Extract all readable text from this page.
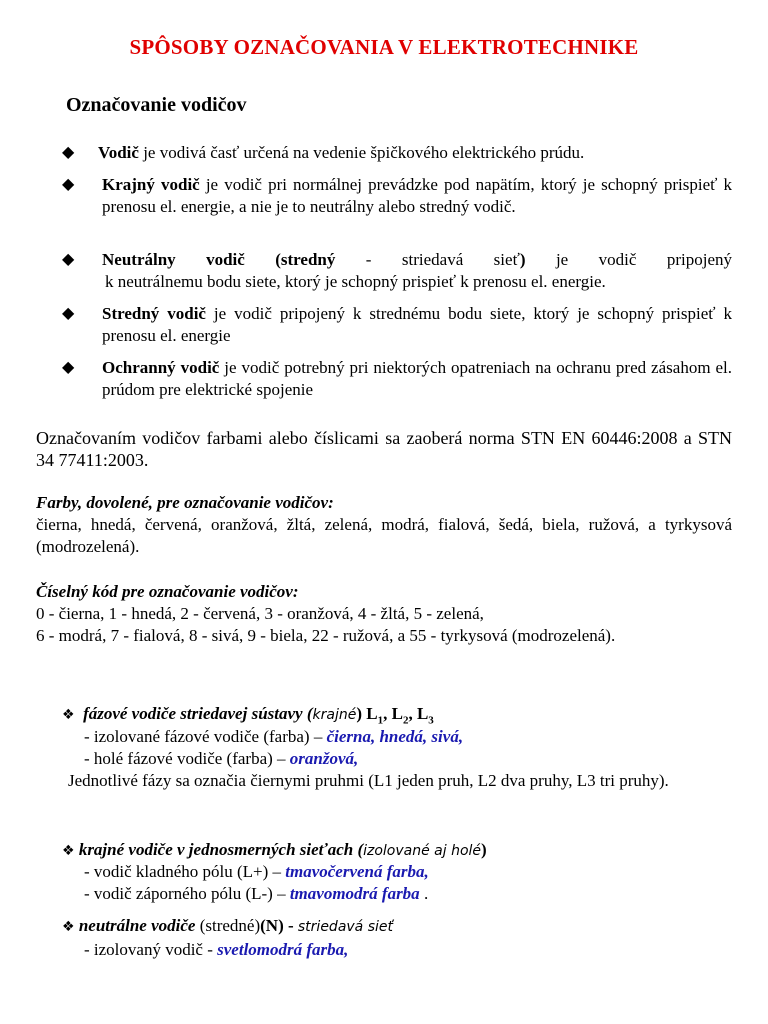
SPÔSOBY OZNAČOVANIA V ELEKTROTECHNIKE
Označovanie vodičov
◆	Vodič je vodivá časť určená na vedenie špičkového elektrického prúdu.
◆	Krajný vodič je vodič pri normálnej prevádzke pod napätím, ktorý je schopný prispieť k prenosu el. energie, a nie je to neutrálny alebo stredný vodič.
◆	Neutrálny vodič (stredný - striedavá sieť) je vodič pripojený
k neutrálnemu bodu siete, ktorý je schopný prispieť k prenosu el. energie.
◆	Stredný vodič je vodič pripojený k strednému bodu siete, ktorý je schopný prispieť k prenosu el. energie
◆	Ochranný vodič je vodič potrebný pri niektorých opatreniach na ochranu pred zásahom el. prúdom pre elektrické spojenie
Označovaním vodičov farbami alebo číslicami sa zaoberá norma STN EN 60446:2008 a STN 34 77411:2003.
Farby, dovolené, pre označovanie vodičov:
čierna, hnedá, červená, oranžová, žltá, zelená, modrá, fialová, šedá, biela, ružová, a tyrkysová (modrozelená).
Číselný kód pre označovanie vodičov:
0 - čierna, 1 - hnedá, 2 - červená, 3 - oranžová, 4 - žltá, 5 - zelená,
6 - modrá, 7 - fialová, 8 - sivá, 9 - biela, 22 - ružová, a 55 - tyrkysová (modrozelená).
❖ fázové vodiče striedavej sústavy (krajné) $L_1$, $L_2$, $L_3$
- izolované fázové vodiče (farba) – čierna, hnedá, sivá,
- holé fázové vodiče (farba) – oranžová,
Jednotlivé fázy sa označia čiernymi pruhmi (L1 jeden pruh, L2 dva pruhy, L3 tri pruhy).
❖ krajné vodiče v jednosmerných sieťach (izolované aj holé)
- vodič kladného pólu (L+) – tmavočervená farba,
- vodič záporného pólu (L-) – tmavomodrá farba .
❖ neutrálne vodiče (stredné)(N) - striedavá sieť
- izolovaný vodič - svetlomodrá farba,
